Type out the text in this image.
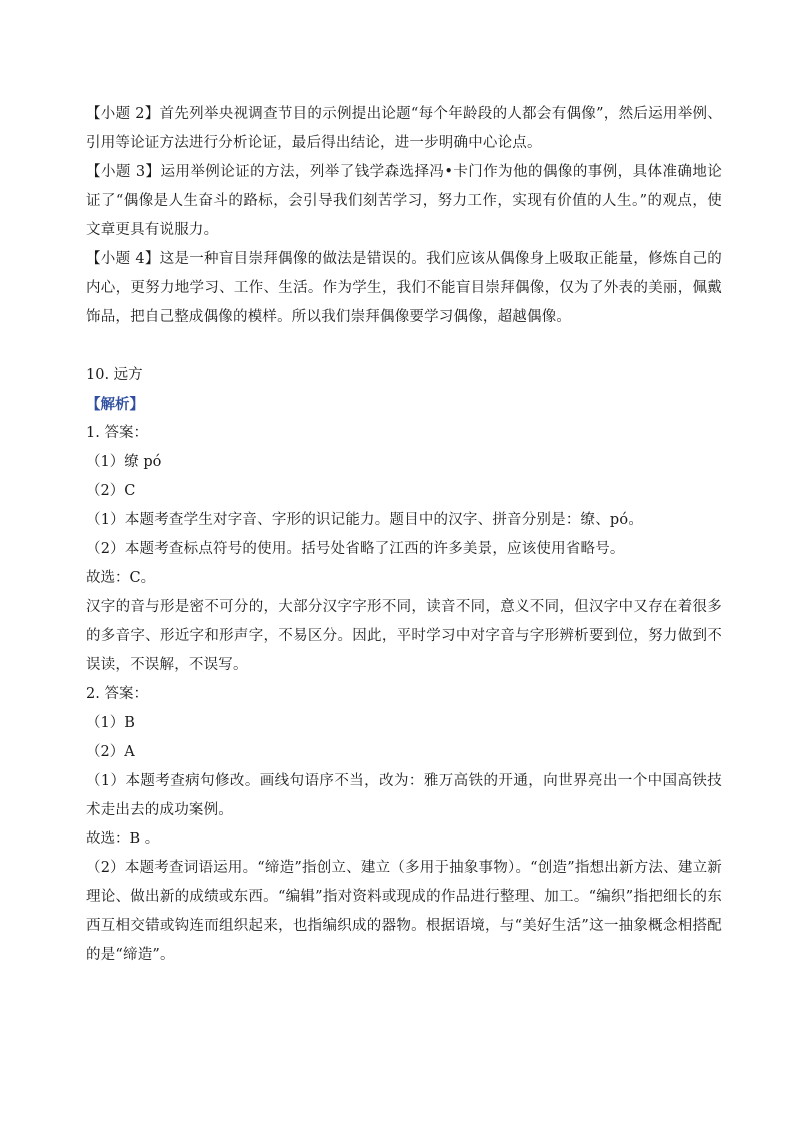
【小题 2】首先列举央视调查节目的示例提出论题“每个年龄段的人都会有偶像”，然后运用举例、引用等论证方法进行分析论证，最后得出结论，进一步明确中心论点。

【小题 3】运用举例论证的方法，列举了钱学森选择冯•卡门作为他的偶像的事例，具体准确地论证了“偶像是人生奋斗的路标，会引导我们刻苦学习，努力工作，实现有价值的人生。”的观点，使文章更具有说服力。

【小题 4】这是一种盲目崇拜偶像的做法是错误的。我们应该从偶像身上吸取正能量，修炼自己的内心，更努力地学习、工作、生活。作为学生，我们不能盲目崇拜偶像，仅为了外表的美丽，佩戴饰品，把自己整成偶像的模样。所以我们崇拜偶像要学习偶像，超越偶像。

10. 远方

【解析】

1. 答案：

（1）缭 pó

（2）C

（1）本题考查学生对字音、字形的识记能力。题目中的汉字、拼音分别是：缭、pó。

（2）本题考查标点符号的使用。括号处省略了江西的许多美景，应该使用省略号。

故选：C。

汉字的音与形是密不可分的，大部分汉字字形不同，读音不同，意义不同，但汉字中又存在着很多的多音字、形近字和形声字，不易区分。因此，平时学习中对字音与字形辨析要到位，努力做到不误读，不误解，不误写。

2. 答案：

（1）B

（2）A

（1）本题考查病句修改。画线句语序不当，改为：雅万高铁的开通，向世界亮出一个中国高铁技术走出去的成功案例。

故选：B 。

（2）本题考查词语运用。“缔造”指创立、建立（多用于抽象事物）。“创造”指想出新方法、建立新理论、做出新的成绩或东西。“编辑”指对资料或现成的作品进行整理、加工。“编织”指把细长的东西互相交错或钩连而组织起来，也指编织成的器物。根据语境，与“美好生活”这一抽象概念相搭配的是“缔造”。
